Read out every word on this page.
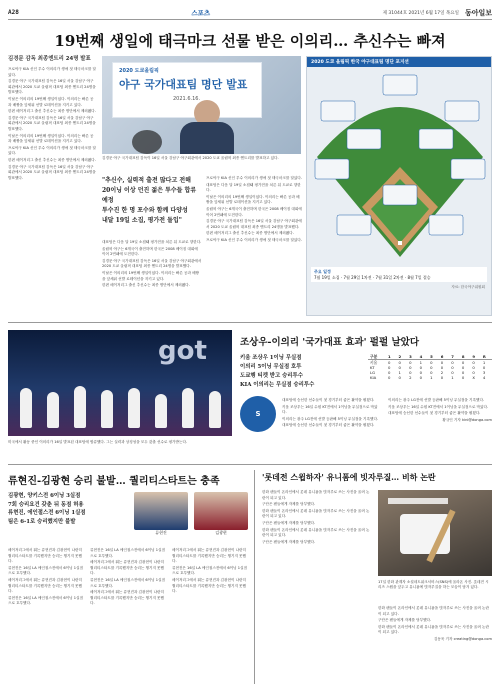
A28	스포츠	제 31044호 2021년 6월 17일 목요일 동아일보
19번째 생일에 태극마크 선물 받은 이의리… 추신수는 빠져

김경문 감독 최종엔트리 24명 발표

프로야구 KIA 신인 투수 이의리가 생애 첫 태극마크를 달았다.

김경문 야구 국가대표팀 감독은 16일 서울 강남구 야구회관에서 2020 도쿄 올림픽 대표팀 최종 엔트리 24명을 발표했다.

이날은 이의리의 19번째 생일이었다. 이의리는 빠른 공과 배짱을 앞세워 선발 로테이션을 지키고 있다.

한편 메이저리그 출신 추신수는 최종 명단에서 제외됐다.

김경문 야구 국가대표팀 감독은 16일 서울 강남구 야구회관에서 2020 도쿄 올림픽 대표팀 최종 엔트리 24명을 발표했다.

이날은 이의리의 19번째 생일이었다. 이의리는 빠른 공과 배짱을 앞세워 선발 로테이션을 지키고 있다.

프로야구 KIA 신인 투수 이의리가 생애 첫 태극마크를 달았다.

한편 메이저리그 출신 추신수는 최종 명단에서 제외됐다.

김경문 야구 국가대표팀 감독은 16일 서울 강남구 야구회관에서 2020 도쿄 올림픽 대표팀 최종 엔트리 24명을 발표했다.

2020 도쿄올림픽
야구 국가대표팀 명단 발표
2021.6.16.
김경문 야구 국가대표팀 감독이 16일 서울 강남구 야구회관에서 2020 도쿄 올림픽 최종 엔트리를 발표하고 있다.
"추신수, 실력적 출전 많다고 전해
20이닝 이상 던진 젊은 투수들 합류 예정
투수진 한 명 포수와 함께 다양성
내달 19일 소집, 평가전 돌입"

대표팀은 다음 달 19일 소집돼 평가전을 치른 뒤 도쿄로 향한다.

올림픽 야구는 6개국이 출전하며 한국은 2008 베이징 대회에 이어 2연패에 도전한다.

김경문 야구 국가대표팀 감독은 16일 서울 강남구 야구회관에서 2020 도쿄 올림픽 대표팀 최종 엔트리 24명을 발표했다.

이날은 이의리의 19번째 생일이었다. 이의리는 빠른 공과 배짱을 앞세워 선발 로테이션을 지키고 있다.

한편 메이저리그 출신 추신수는 최종 명단에서 제외됐다.

프로야구 KIA 신인 투수 이의리가 생애 첫 태극마크를 달았다.

대표팀은 다음 달 19일 소집돼 평가전을 치른 뒤 도쿄로 향한다.

이날은 이의리의 19번째 생일이었다. 이의리는 빠른 공과 배짱을 앞세워 선발 로테이션을 지키고 있다.

올림픽 야구는 6개국이 출전하며 한국은 2008 베이징 대회에 이어 2연패에 도전한다.

김경문 야구 국가대표팀 감독은 16일 서울 강남구 야구회관에서 2020 도쿄 올림픽 대표팀 최종 엔트리 24명을 발표했다.

한편 메이저리그 출신 추신수는 최종 명단에서 제외됐다.

프로야구 KIA 신인 투수 이의리가 생애 첫 태극마크를 달았다.

2020 도쿄 올림픽 한국 야구대표팀 명단 포지션
주요 일정
7월 19일 소집 · 7월 29일 1차전 · 7월 31일 2차전 · 8월 7일 결승
자료: 한국야구위원회
got
미국에서 활동 중인 이의리가 16일 발표된 대표팀에 합류했다. 그는 실력과 상징성을 모두 갖춘 선수로 평가받는다.
조상우-이의리 '국가대표 효과' 펄펄 날았다
키움 조상우 1이닝 무실점
이의리 5이닝 무실점 호투
도쿄행 티켓 받고 승리투수
KIA 이의리는 무실점 승리투수
구분	1	2	3	4	5	6	7	8	9	R
키움	0	0	0	1	0	0	0	0	0	1
KT	0	0	0	0	0	0	0	0	0	0
LG	0	1	0	0	0	2	0	0	0	3
KIA	0	0	2	0	1	0	1	0	X	4
S

대표팀에 승선한 선수들이 첫 경기부터 좋은 활약을 펼쳤다.

키움 조상우는 16일 수원 KT전에서 1이닝을 무실점으로 막았다.

이의리는 광주 LG전에 선발 등판해 5이닝 무실점을 기록했다.

대표팀에 승선한 선수들이 첫 경기부터 좋은 활약을 펼쳤다.

이의리는 광주 LG전에 선발 등판해 5이닝 무실점을 기록했다.

키움 조상우는 16일 수원 KT전에서 1이닝을 무실점으로 막았다.

대표팀에 승선한 선수들이 첫 경기부터 좋은 활약을 펼쳤다.

황규인 기자 kini@donga.com

류현진-김광현 승리 불발… 퀄리티스타트는 충족
김광현, 양키스전 6이닝 3실점
7회 승리요건 갖춘 뒤 동점 허용
류현진, 에인절스전 6이닝 1실점
팀은 6-1로 승리했지만 불발
류현진	김광현

메이저리그에서 뛰는 류현진과 김광현이 나란히 퀄리티스타트를 기록했지만 승리는 챙기지 못했다.

류현진은 16일 LA 에인절스전에서 6이닝 1실점으로 호투했다.

메이저리그에서 뛰는 류현진과 김광현이 나란히 퀄리티스타트를 기록했지만 승리는 챙기지 못했다.

류현진은 16일 LA 에인절스전에서 6이닝 1실점으로 호투했다.

류현진은 16일 LA 에인절스전에서 6이닝 1실점으로 호투했다.

메이저리그에서 뛰는 류현진과 김광현이 나란히 퀄리티스타트를 기록했지만 승리는 챙기지 못했다.

류현진은 16일 LA 에인절스전에서 6이닝 1실점으로 호투했다.

메이저리그에서 뛰는 류현진과 김광현이 나란히 퀄리티스타트를 기록했지만 승리는 챙기지 못했다.

메이저리그에서 뛰는 류현진과 김광현이 나란히 퀄리티스타트를 기록했지만 승리는 챙기지 못했다.

류현진은 16일 LA 에인절스전에서 6이닝 1실점으로 호투했다.

메이저리그에서 뛰는 류현진과 김광현이 나란히 퀄리티스타트를 기록했지만 승리는 챙기지 못했다.

'롯데전 스윕하자' 유니폼에 빗자루질… 비하 논란

한화 팬들이 온라인에서 롯데 유니폼을 빗자루로 쓰는 사진을 올려 논란이 되고 있다.

구단은 팬들에게 자제를 당부했다.

한화 팬들이 온라인에서 롯데 유니폼을 빗자루로 쓰는 사진을 올려 논란이 되고 있다.

구단은 팬들에게 자제를 당부했다.

한화 팬들이 온라인에서 롯데 유니폼을 빗자루로 쓰는 사진을 올려 논란이 되고 있다.

구단은 팬들에게 자제를 당부했다.

17일 한화 관계자 소셜네트워크서비스(SNS)에 올라온 사진. 롯데전 시리즈 스윕을 앞두고 유니폼에 빗자루질을 하는 모습이 담겨 있다.

한화 팬들이 온라인에서 롯데 유니폼을 빗자루로 쓰는 사진을 올려 논란이 되고 있다.

구단은 팬들에게 자제를 당부했다.

한화 팬들이 온라인에서 롯데 유니폼을 빗자루로 쓰는 사진을 올려 논란이 되고 있다.

김동욱 기자 creating@donga.com
